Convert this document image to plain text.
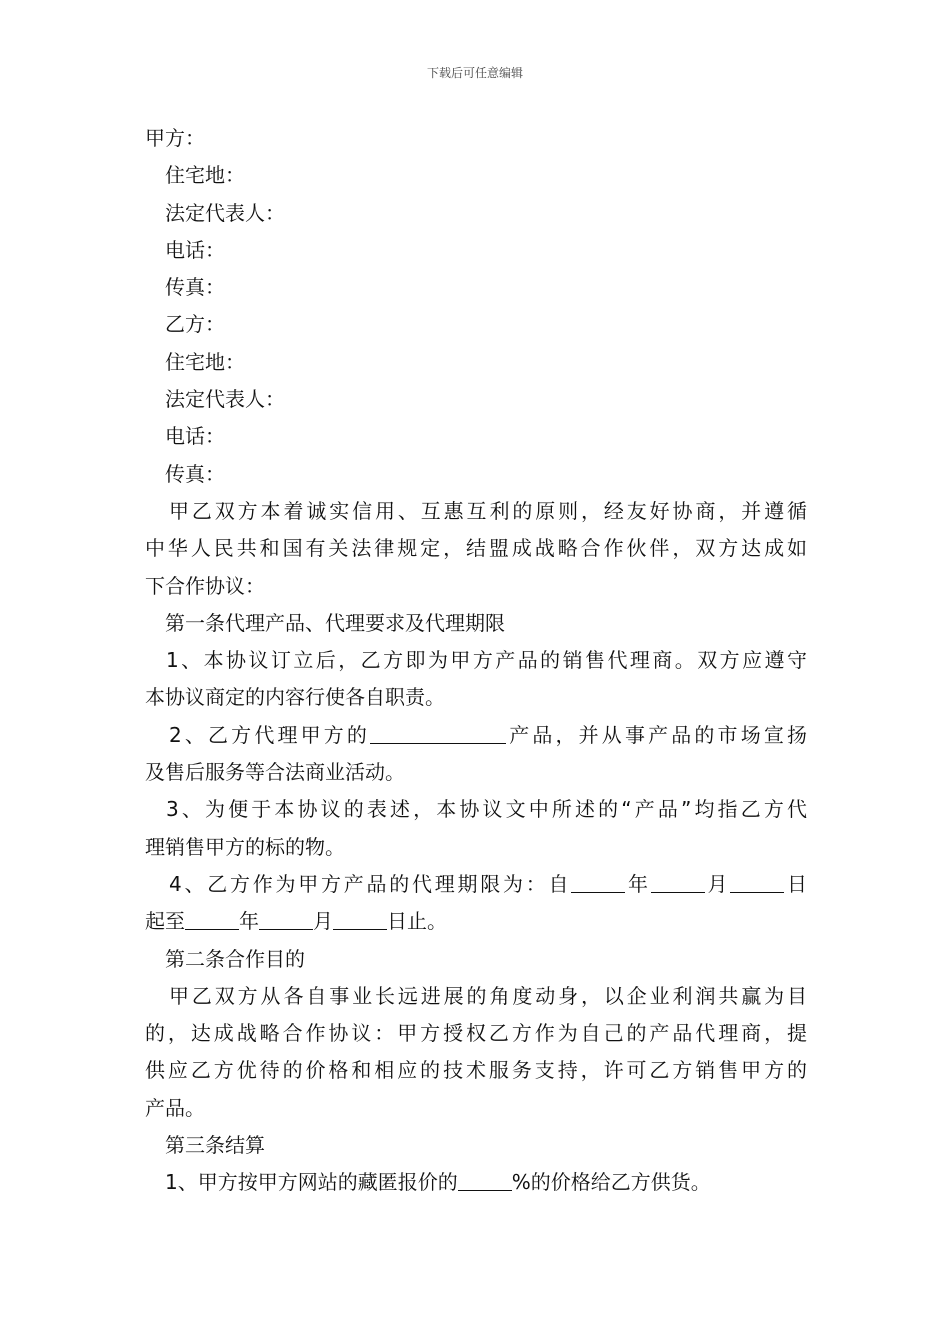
下载后可任意编辑
甲方：
住宅地：
法定代表人：
电话：
传真：
乙方：
住宅地：
法定代表人：
电话：
传真：
甲乙双方本着诚实信用、互惠互利的原则，经友好协商，并遵循
中华人民共和国有关法律规定，结盟成战略合作伙伴，双方达成如
下合作协议：
第一条代理产品、代理要求及代理期限
1、本协议订立后，乙方即为甲方产品的销售代理商。双方应遵守
本协议商定的内容行使各自职责。
2、乙方代理甲方的	产品，并从事产品的市场宣扬
及售后服务等合法商业活动。
3、为便于本协议的表述，本协议文中所述的“产品”均指乙方代
理销售甲方的标的物。
4、乙方作为甲方产品的代理期限为：自	年	月	日
起至	年	月	日止。
第二条合作目的
甲乙双方从各自事业长远进展的角度动身，以企业利润共赢为目
的，达成战略合作协议：甲方授权乙方作为自己的产品代理商，提
供应乙方优待的价格和相应的技术服务支持，许可乙方销售甲方的
产品。
第三条结算
1、甲方按甲方网站的藏匿报价的	%的价格给乙方供货。
